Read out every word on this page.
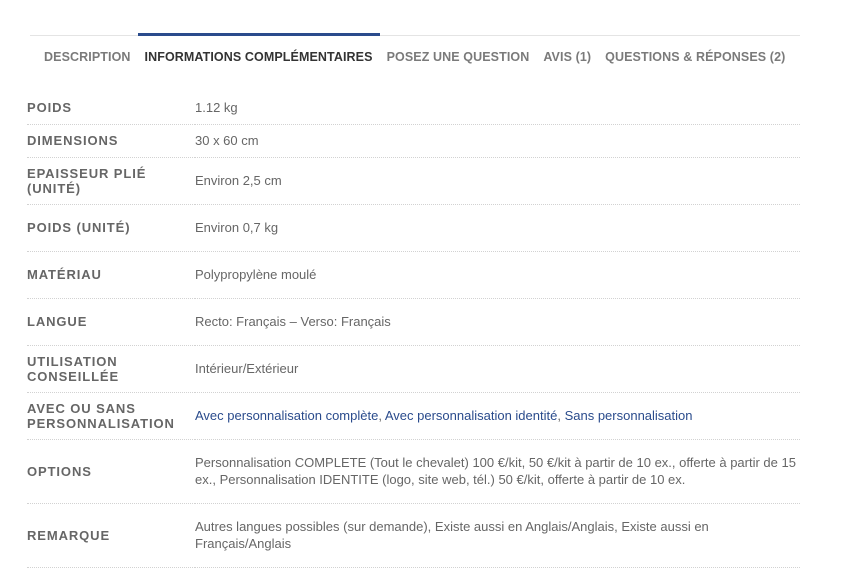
DESCRIPTION	INFORMATIONS COMPLÉMENTAIRES	POSEZ UNE QUESTION	AVIS (1)	QUESTIONS & RÉPONSES (2)
POIDS	1.12 kg
DIMENSIONS	30 x 60 cm
EPAISSEUR PLIÉ (UNITÉ)	Environ 2,5 cm
POIDS (UNITÉ)	Environ 0,7 kg
MATÉRIAU	Polypropylène moulé
LANGUE	Recto: Français – Verso: Français
UTILISATION CONSEILLÉE	Intérieur/Extérieur
AVEC OU SANS PERSONNALISATION	Avec personnalisation complète, Avec personnalisation identité, Sans personnalisation
OPTIONS	Personnalisation COMPLETE (Tout le chevalet) 100 €/kit, 50 €/kit à partir de 10 ex., offerte à partir de 15 ex., Personnalisation IDENTITE (logo, site web, tél.) 50 €/kit, offerte à partir de 10 ex.
REMARQUE	Autres langues possibles (sur demande), Existe aussi en Anglais/Anglais, Existe aussi en Français/Anglais
